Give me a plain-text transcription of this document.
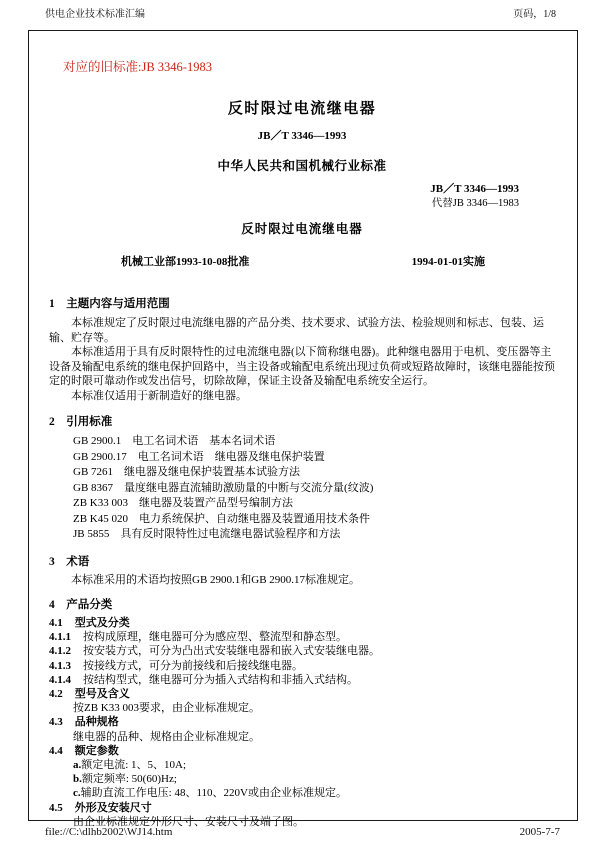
供电企业技术标准汇编	页码，1/8
对应的旧标准:JB 3346-1983
反时限过电流继电器
JB／T 3346—1993
中华人民共和国机械行业标准
JB／T 3346—1993
代替JB 3346—1983
反时限过电流继电器
机械工业部1993-10-08批准	1994-01-01实施
1　主题内容与适用范围

本标准规定了反时限过电流继电器的产品分类、技术要求、试验方法、检验规则和标志、包装、运输、贮存等。

本标准适用于具有反时限特性的过电流继电器(以下简称继电器)。此种继电器用于电机、变压器等主设备及输配电系统的继电保护回路中，当主设备或输配电系统出现过负荷或短路故障时，该继电器能按预定的时限可靠动作或发出信号，切除故障，保证主设备及输配电系统安全运行。

本标准仅适用于新制造好的继电器。

2　引用标准
GB 2900.1　电工名词术语　基本名词术语
GB 2900.17　电工名词术语　继电器及继电保护装置
GB 7261　继电器及继电保护装置基本试验方法
GB 8367　量度继电器直流辅助激励量的中断与交流分量(纹波)
ZB K33 003　继电器及装置产品型号编制方法
ZB K45 020　电力系统保护、自动继电器及装置通用技术条件
JB 5855　具有反时限特性过电流继电器试验程序和方法
3　术语
本标准采用的术语均按照GB 2900.1和GB 2900.17标准规定。
4　产品分类
4.1 型式及分类
4.1.1 按构成原理，继电器可分为感应型、整流型和静态型。
4.1.2 按安装方式，可分为凸出式安装继电器和嵌入式安装继电器。
4.1.3 按接线方式，可分为前接线和后接线继电器。
4.1.4 按结构型式，继电器可分为插入式结构和非插入式结构。
4.2 型号及含义
按ZB K33 003要求，由企业标准规定。
4.3 品种规格
继电器的品种、规格由企业标准规定。
4.4 额定参数
a.额定电流: 1、5、10A;
b.额定频率: 50(60)Hz;
c.辅助直流工作电压: 48、110、220V或由企业标准规定。
4.5 外形及安装尺寸
由企业标准规定外形尺寸、安装尺寸及端子图。
file://C:\dlhb2002\WJ14.htm	2005-7-7
